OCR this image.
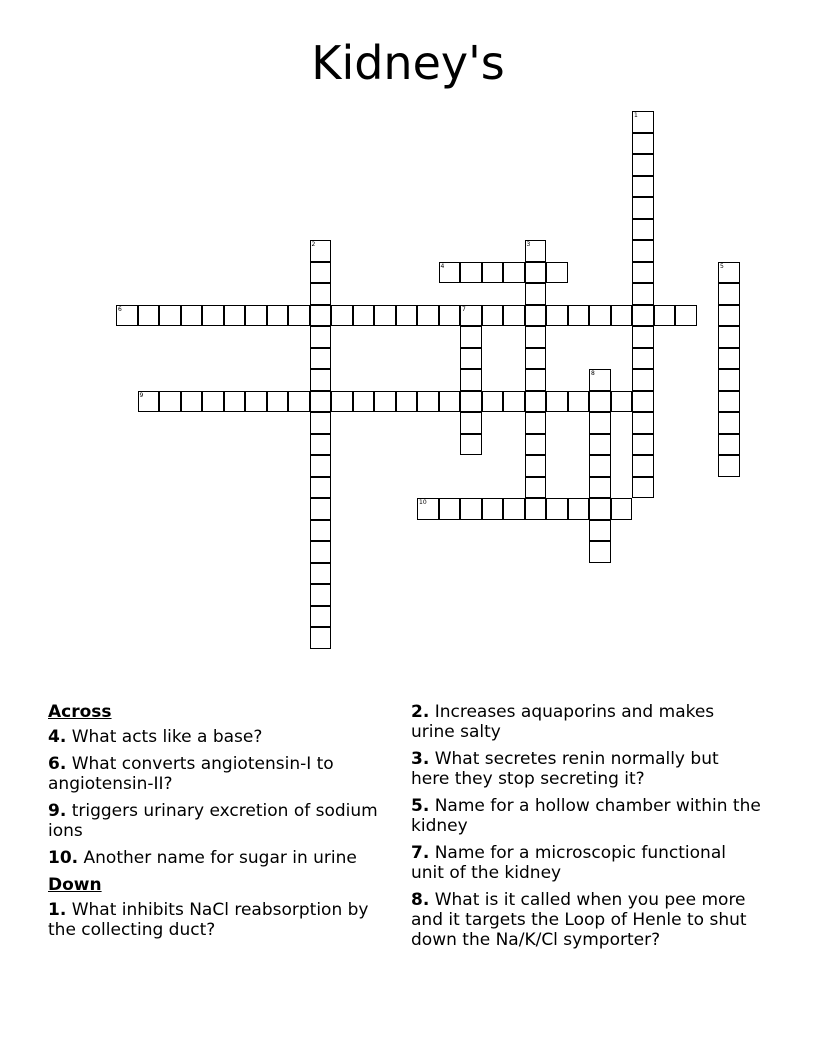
Kidney's
1
2	3
4	5
6	7
8
9
10
Across
4. What acts like a base?
6. What converts angiotensin-I to angiotensin-II?
9. triggers urinary excretion of sodium ions
10. Another name for sugar in urine
Down
1. What inhibits NaCl reabsorption by the collecting duct?
2. Increases aquaporins and makes urine salty
3. What secretes renin normally but here they stop secreting it?
5. Name for a hollow chamber within the kidney
7. Name for a microscopic functional unit of the kidney
8. What is it called when you pee more and it targets the Loop of Henle to shut down the Na/K/Cl symporter?
